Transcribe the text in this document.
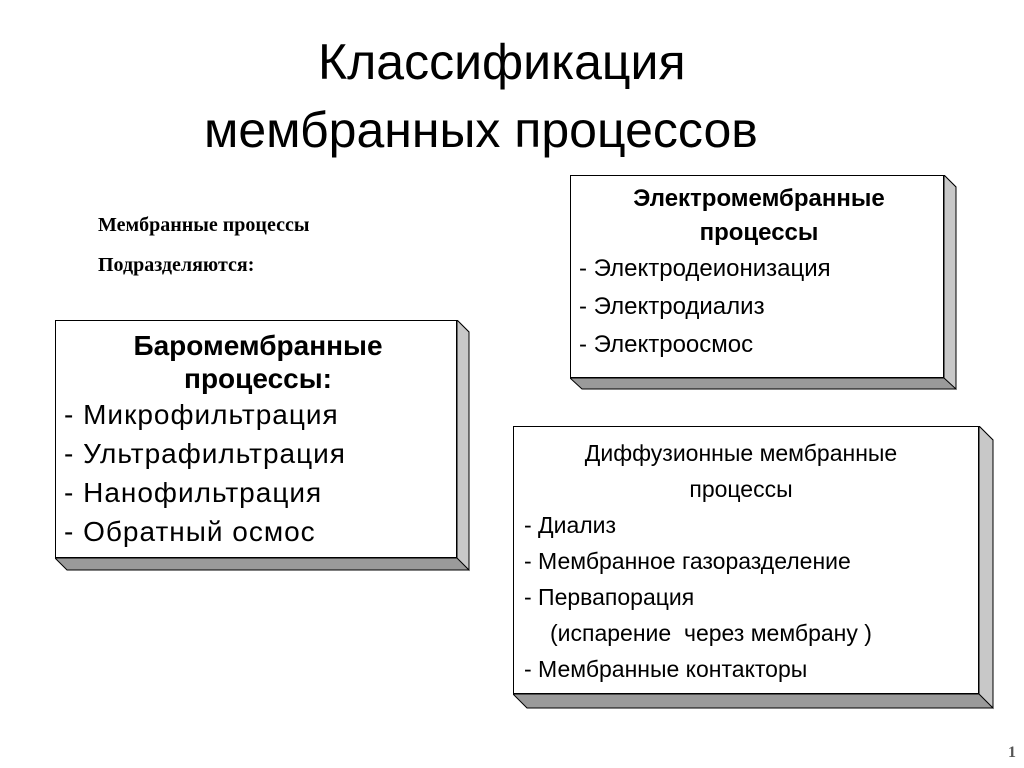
Классификация
мембранных процессов
Мембранные процессы
Подразделяются:
Баромембранные
процессы:
- Микрофильтрация
- Ультрафильтрация
- Нанофильтрация
- Обратный осмос
Электромембранные
процессы
- Электродеионизация
- Электродиализ
- Электроосмос
Диффузионные мембранные
процессы
- Диализ
- Мембранное газоразделение
- Первапорация
(испарение  через мембрану )
- Мембранные контакторы
1
